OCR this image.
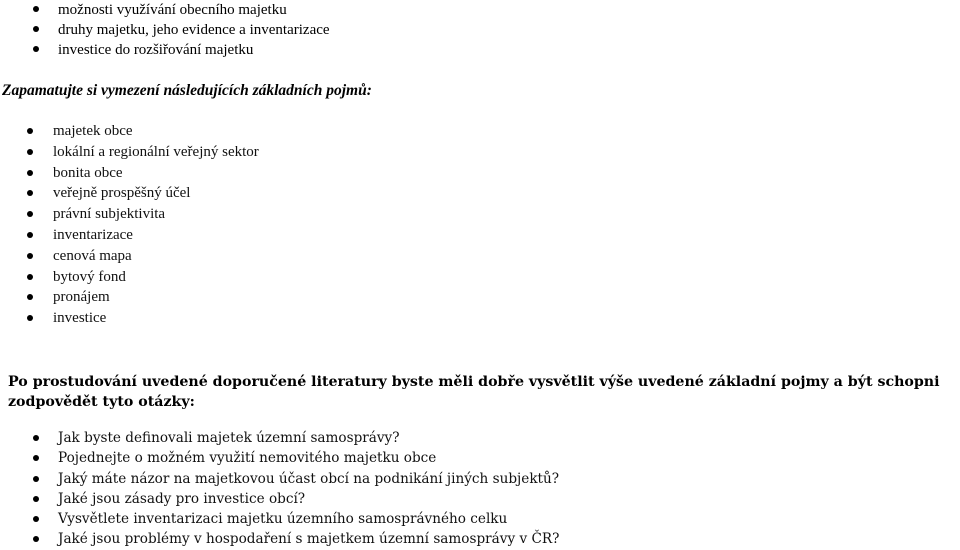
možnosti využívání obecního majetku
druhy majetku, jeho evidence a inventarizace
investice do rozšiřování majetku
Zapamatujte si vymezení následujících základních pojmů:
majetek obce
lokální a regionální veřejný sektor
bonita obce
veřejně prospěšný účel
právní subjektivita
inventarizace
cenová mapa
bytový fond
pronájem
investice
Po prostudování uvedené doporučené literatury byste měli dobře vysvětlit výše uvedené základní pojmy a být schopni zodpovědět tyto otázky:
Jak byste definovali majetek územní samosprávy?
Pojednejte o možném využití nemovitého majetku obce
Jaký máte názor na majetkovou účast obcí na podnikání jiných subjektů?
Jaké jsou zásady pro investice obcí?
Vysvětlete inventarizaci majetku územního samosprávného celku
Jaké jsou problémy v hospodaření s majetkem územní samosprávy v ČR?
